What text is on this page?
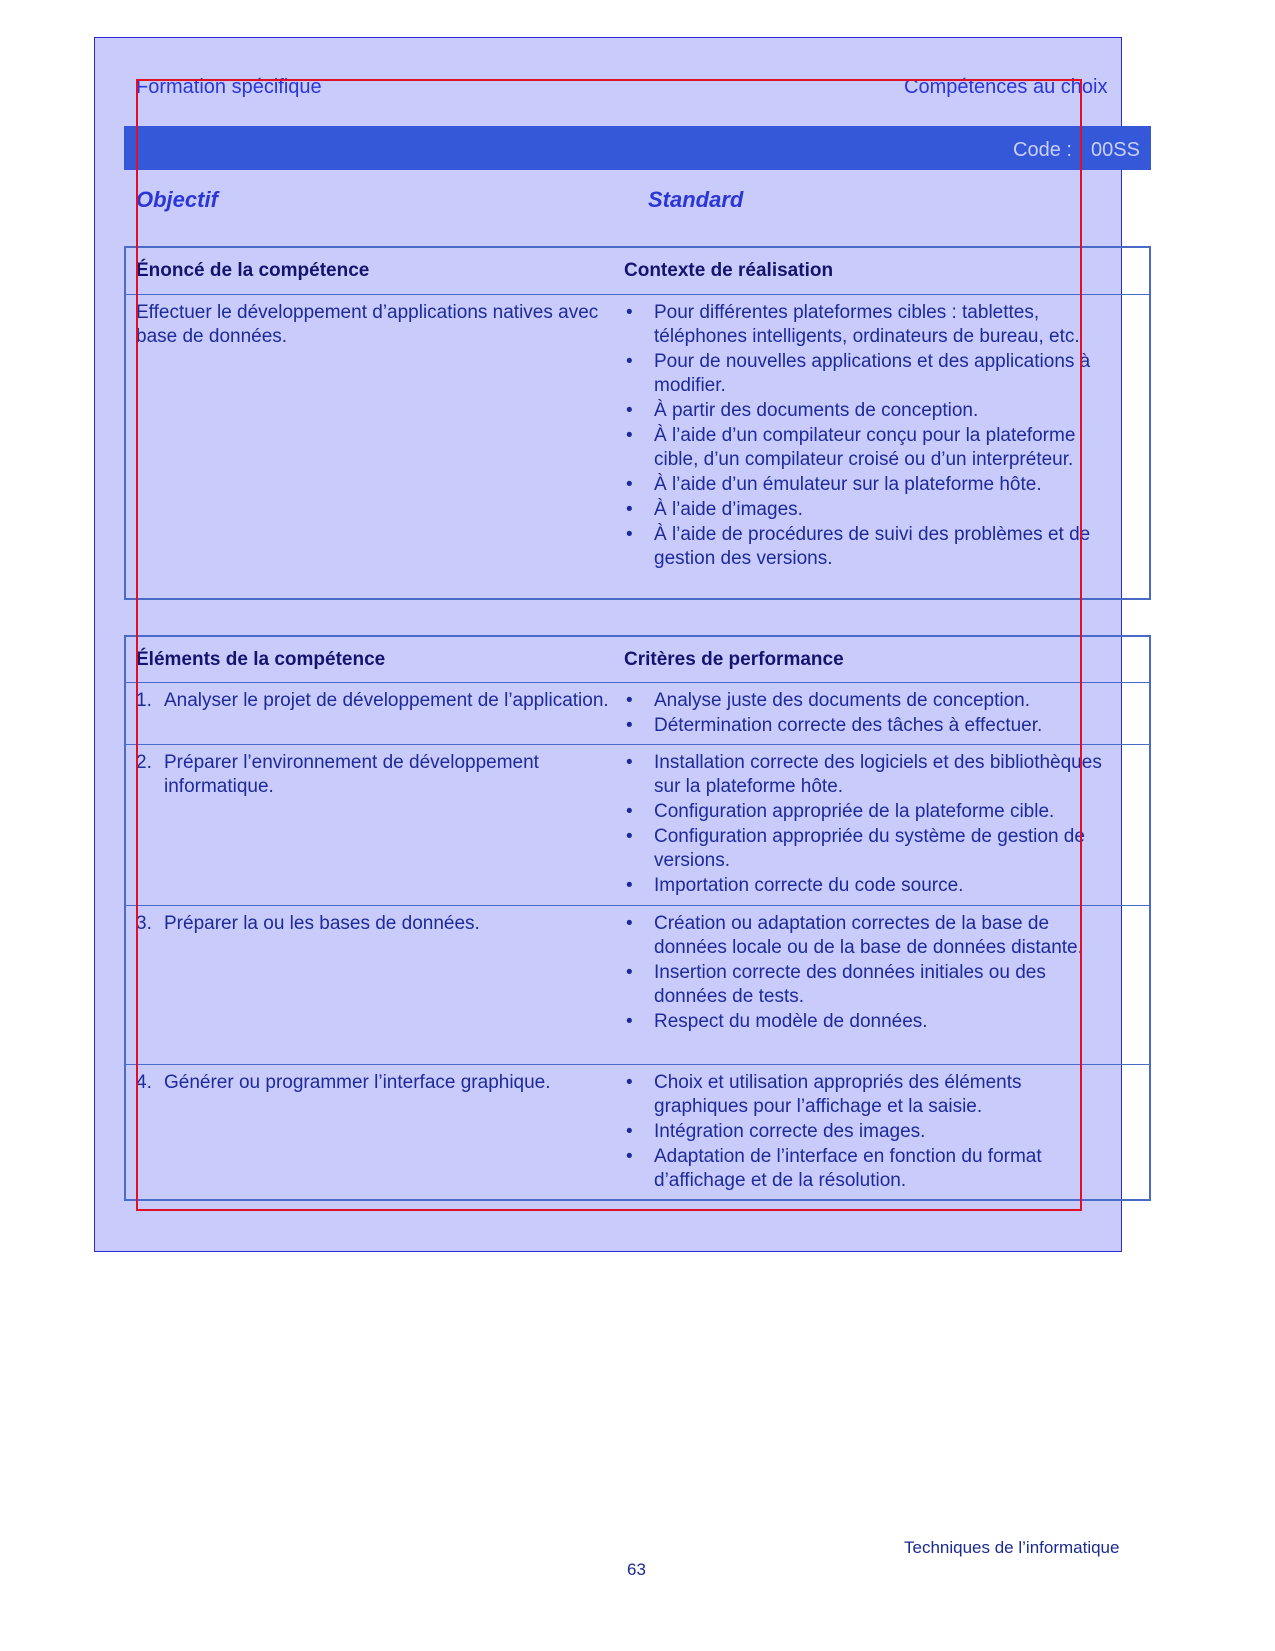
Formation spécifique	Compétences au choix
Code : 00SS
Objectif	Standard
Énoncé de la compétence	Contexte de réalisation
Effectuer le développement d’applications natives avec base de données.
• Pour différentes plateformes cibles : tablettes, téléphones intelligents, ordinateurs de bureau, etc.
• Pour de nouvelles applications et des applications à modifier.
• À partir des documents de conception.
• À l’aide d’un compilateur conçu pour la plateforme cible, d’un compilateur croisé ou d’un interpréteur.
• À l’aide d’un émulateur sur la plateforme hôte.
• À l’aide d’images.
• À l’aide de procédures de suivi des problèmes et de gestion des versions.
Éléments de la compétence	Critères de performance
1. Analyser le projet de développement de l’application.	• Analyse juste des documents de conception.
• Détermination correcte des tâches à effectuer.
2. Préparer l’environnement de développement informatique.
• Installation correcte des logiciels et des bibliothèques sur la plateforme hôte.
• Configuration appropriée de la plateforme cible.
• Configuration appropriée du système de gestion de versions.
• Importation correcte du code source.
3. Préparer la ou les bases de données.	• Création ou adaptation correctes de la base de données locale ou de la base de données distante.
• Insertion correcte des données initiales ou des données de tests.
• Respect du modèle de données.
4. Générer ou programmer l’interface graphique.	• Choix et utilisation appropriés des éléments graphiques pour l’affichage et la saisie.
• Intégration correcte des images.
• Adaptation de l’interface en fonction du format d’affichage et de la résolution.
Techniques de l’informatique
63
